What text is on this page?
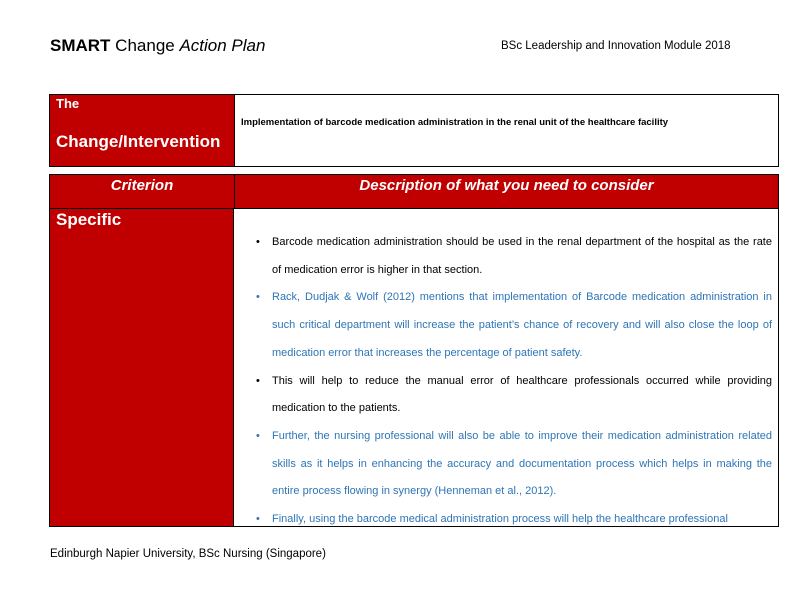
SMART Change Action Plan	BSc Leadership and Innovation Module 2018
The
Change/Intervention
Implementation of barcode medication administration in the renal unit of the healthcare facility
Criterion	Description of what you need to consider
Specific
• Barcode medication administration should be used in the renal department of the hospital as the rate of medication error is higher in that section.
• Rack, Dudjak & Wolf (2012) mentions that implementation of Barcode medication administration in such critical department will increase the patient’s chance of recovery and will also close the loop of medication error that increases the percentage of patient safety.
• This will help to reduce the manual error of healthcare professionals occurred while providing medication to the patients.
• Further, the nursing professional will also be able to improve their medication administration related skills as it helps in enhancing the accuracy and documentation process which helps in making the entire process flowing in synergy (Henneman et al., 2012).
• Finally, using the barcode medical administration process will help the healthcare professional
Edinburgh Napier University, BSc Nursing (Singapore)
